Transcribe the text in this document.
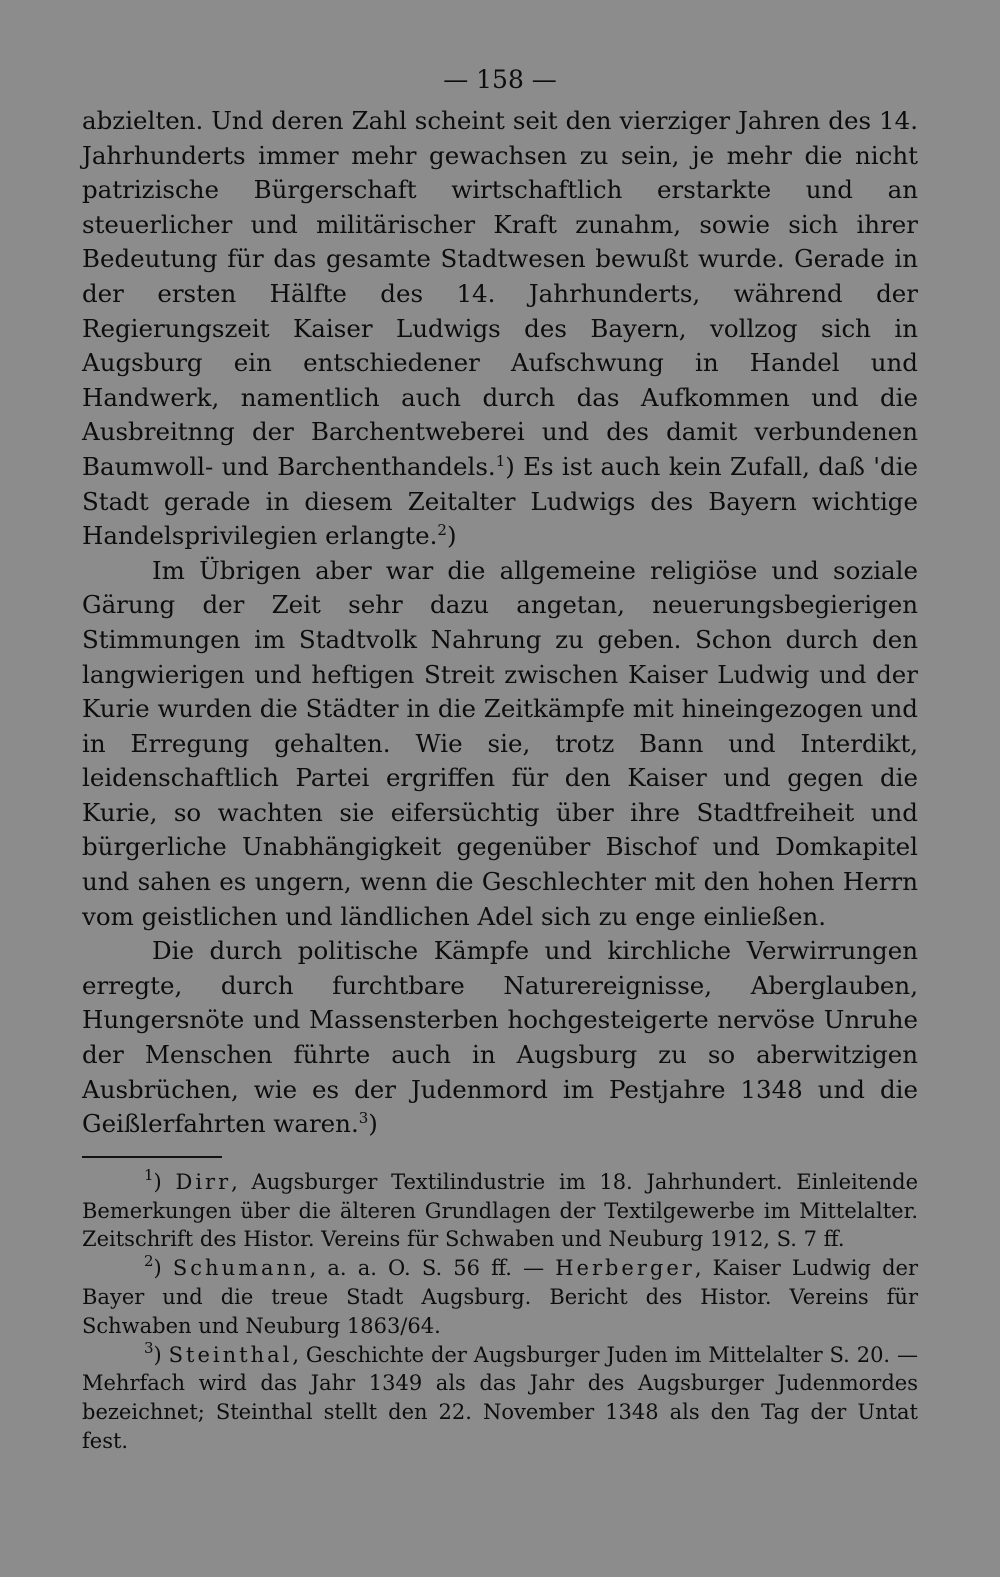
— 158 —

abzielten. Und deren Zahl scheint seit den vierziger Jahren des 14. Jahrhunderts immer mehr gewachsen zu sein, je mehr die nicht patrizische Bürgerschaft wirtschaftlich erstarkte und an steuerlicher und militärischer Kraft zunahm, sowie sich ihrer Bedeutung für das gesamte Stadtwesen bewußt wurde. Gerade in der ersten Hälfte des 14. Jahrhunderts, während der Regierungszeit Kaiser Ludwigs des Bayern, vollzog sich in Augsburg ein entschiedener Aufschwung in Handel und Handwerk, namentlich auch durch das Aufkommen und die Ausbreitnng der Barchentweberei und des damit verbundenen Baumwoll- und Barchenthandels.$^1$) Es ist auch kein Zufall, daß 'die Stadt gerade in diesem Zeitalter Ludwigs des Bayern wichtige Handelsprivilegien erlangte.$^2$)

Im Übrigen aber war die allgemeine religiöse und soziale Gärung der Zeit sehr dazu angetan, neuerungsbegierigen Stimmungen im Stadtvolk Nahrung zu geben. Schon durch den langwierigen und heftigen Streit zwischen Kaiser Ludwig und der Kurie wurden die Städter in die Zeitkämpfe mit hineingezogen und in Erregung gehalten. Wie sie, trotz Bann und Interdikt, leidenschaftlich Partei ergriffen für den Kaiser und gegen die Kurie, so wachten sie eifersüchtig über ihre Stadtfreiheit und bürgerliche Unabhängigkeit gegenüber Bischof und Domkapitel und sahen es ungern, wenn die Geschlechter mit den hohen Herrn vom geistlichen und ländlichen Adel sich zu enge einließen.

Die durch politische Kämpfe und kirchliche Verwirrungen erregte, durch furchtbare Naturereignisse, Aberglauben, Hungersnöte und Massensterben hochgesteigerte nervöse Unruhe der Menschen führte auch in Augsburg zu so aberwitzigen Ausbrüchen, wie es der Judenmord im Pestjahre 1348 und die Geißlerfahrten waren.$^3$)

$^1$) Dirr, Augsburger Textilindustrie im 18. Jahrhundert. Einleitende Bemerkungen über die älteren Grundlagen der Textilgewerbe im Mittelalter. Zeitschrift des Histor. Vereins für Schwaben und Neuburg 1912, S. 7 ff.

$^2$) Schumann, a. a. O. S. 56 ff. — Herberger, Kaiser Ludwig der Bayer und die treue Stadt Augsburg. Bericht des Histor. Vereins für Schwaben und Neuburg 1863/64.

$^3$) Steinthal, Geschichte der Augsburger Juden im Mittelalter S. 20. — Mehrfach wird das Jahr 1349 als das Jahr des Augsburger Judenmordes bezeichnet; Steinthal stellt den 22. November 1348 als den Tag der Untat fest.
